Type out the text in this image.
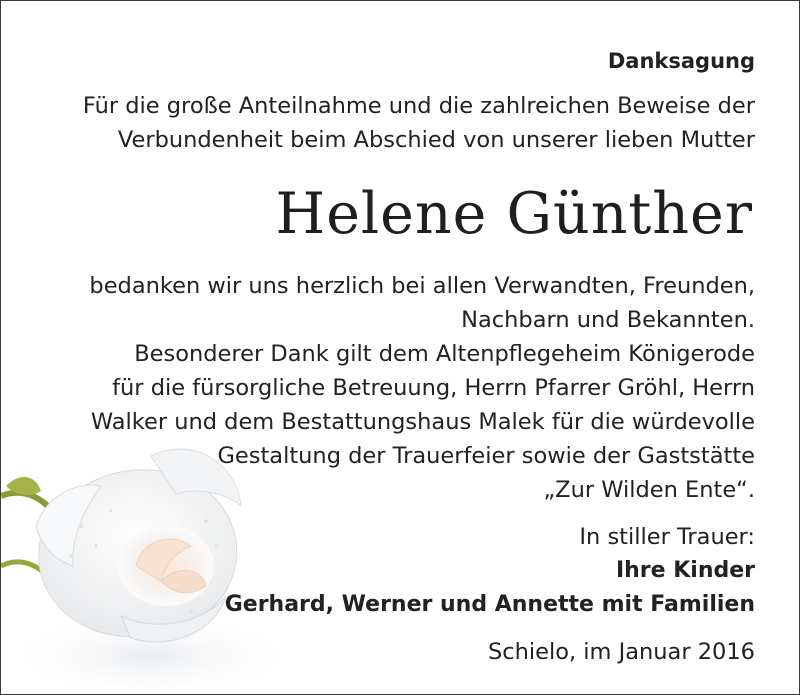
Danksagung

Für die große Anteilnahme und die zahlreichen Beweise der
Verbundenheit beim Abschied von unserer lieben Mutter
Helene Günther
bedanken wir uns herzlich bei allen Verwandten, Freunden,
Nachbarn und Bekannten.
Besonderer Dank gilt dem Altenpflegeheim Königerode
für die fürsorgliche Betreuung, Herrn Pfarrer Gröhl, Herrn
Walker und dem Bestattungshaus Malek für die würdevolle
Gestaltung der Trauerfeier sowie der Gaststätte
„Zur Wilden Ente“.
In stiller Trauer:
Ihre Kinder
Gerhard, Werner und Annette mit Familien
Schielo, im Januar 2016
